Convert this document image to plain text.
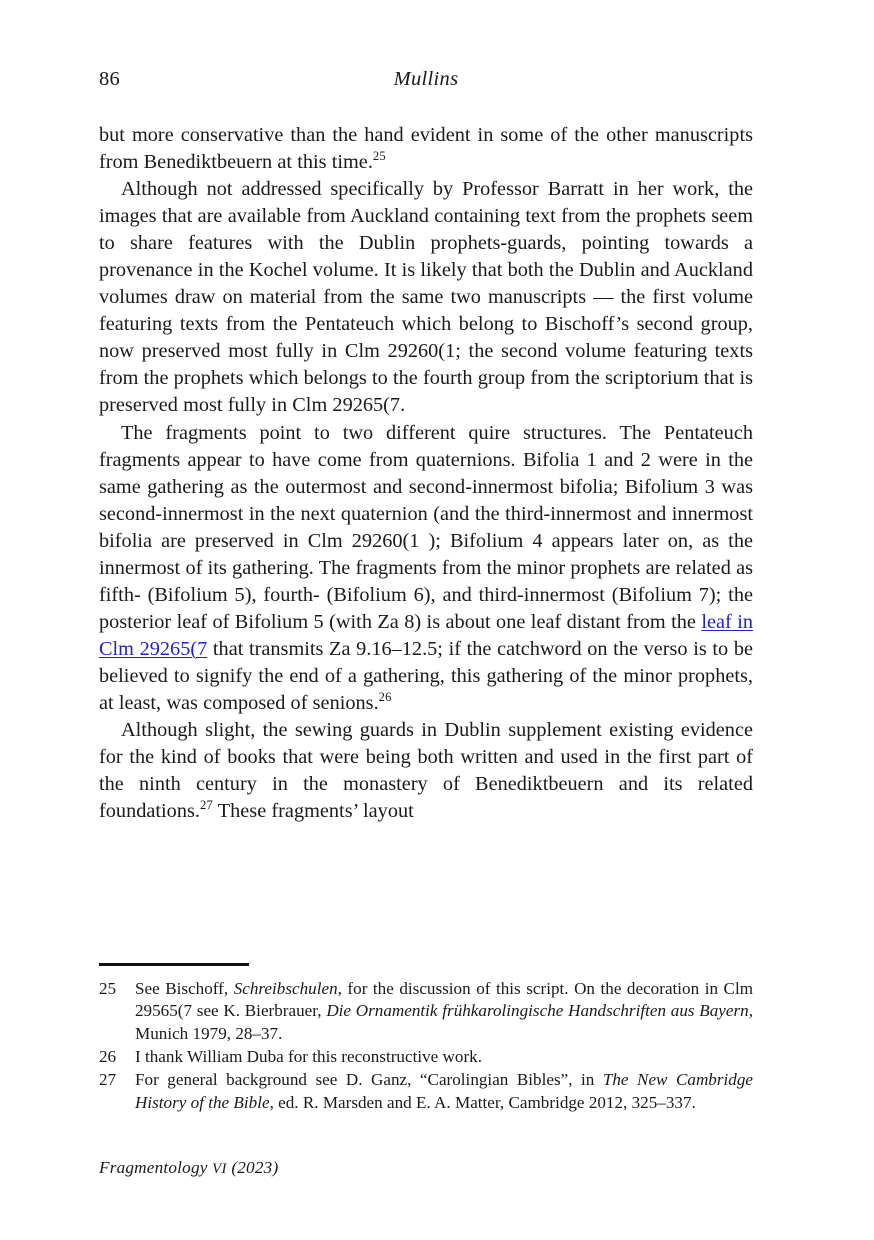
86	Mullins

but more conservative than the hand evident in some of the other manuscripts from Benediktbeuern at this time.$^{25}$

Although not addressed specifically by Professor Barratt in her work, the images that are available from Auckland containing text from the prophets seem to share features with the Dublin prophets-guards, pointing towards a provenance in the Kochel volume. It is likely that both the Dublin and Auckland volumes draw on material from the same two manuscripts — the first volume featuring texts from the Pentateuch which belong to Bischoff’s second group, now preserved most fully in Clm 29260(1; the second volume featuring texts from the prophets which belongs to the fourth group from the scriptorium that is preserved most fully in Clm 29265(7.

The fragments point to two different quire structures. The Pentateuch fragments appear to have come from quaternions. Bifolia 1 and 2 were in the same gathering as the outermost and second-innermost bifolia; Bifolium 3 was second-innermost in the next quaternion (and the third-innermost and innermost bifolia are preserved in Clm 29260(1 ); Bifolium 4 appears later on, as the innermost of its gathering. The fragments from the minor prophets are related as fifth- (Bifolium 5), fourth- (Bifolium 6), and third-innermost (Bifolium 7); the posterior leaf of Bifolium 5 (with Za 8) is about one leaf distant from the leaf in Clm 29265(7 that transmits Za 9.16–12.5; if the catchword on the verso is to be believed to signify the end of a gathering, this gathering of the minor prophets, at least, was composed of senions.$^{26}$

Although slight, the sewing guards in Dublin supplement existing evidence for the kind of books that were being both written and used in the first part of the ninth century in the monastery of Benediktbeuern and its related foundations.$^{27}$ These fragments’ layout

25	See Bischoff, Schreibschulen, for the discussion of this script. On the decoration in Clm 29565(7 see K. Bierbrauer, Die Ornamentik frühkarolingische Handschriften aus Bayern, Munich 1979, 28–37.
26	I thank William Duba for this reconstructive work.
27	For general background see D. Ganz, “Carolingian Bibles”, in The New Cambridge History of the Bible, ed. R. Marsden and E. A. Matter, Cambridge 2012, 325–337.
Fragmentology VI (2023)
